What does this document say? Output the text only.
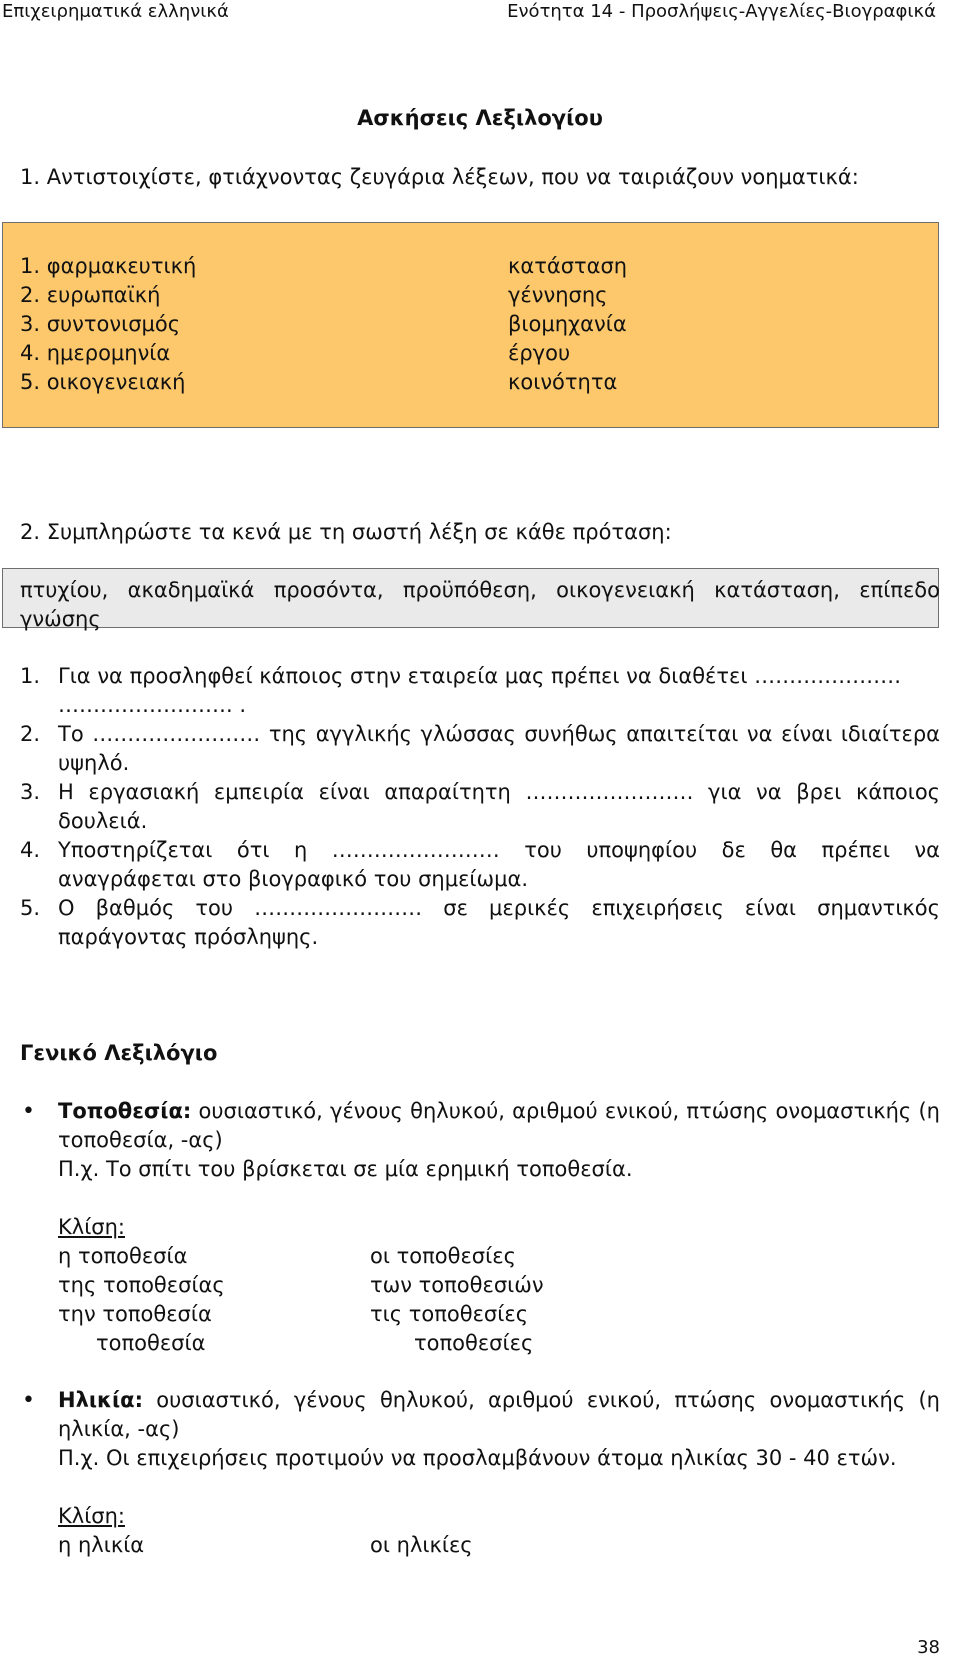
Επιχειρηματικά ελληνικά	Ενότητα 14 - Προσλήψεις-Αγγελίες-Βιογραφικά
Ασκήσεις Λεξιλογίου
1. Αντιστοιχίστε, φτιάχνοντας ζευγάρια λέξεων, που να ταιριάζουν νοηματικά:
1. φαρμακευτική
2. ευρωπαϊκή
3. συντονισμός
4. ημερομηνία
5. οικογενειακή
κατάσταση
γέννησης
βιομηχανία
έργου
κοινότητα
2. Συμπληρώστε τα κενά με τη σωστή λέξη σε κάθε πρόταση:
πτυχίου, ακαδημαϊκά προσόντα, προϋπόθεση, οικογενειακή κατάσταση, επίπεδο
γνώσης
1. Για να προσληφθεί κάποιος στην εταιρεία μας πρέπει να διαθέτει …………………
……………………. .
2. Το …………………… της αγγλικής γλώσσας συνήθως απαιτείται να είναι ιδιαίτερα
υψηλό.
3. Η εργασιακή εμπειρία είναι απαραίτητη …………………… για να βρει κάποιος
δουλειά.
4. Υποστηρίζεται ότι η …………………… του υποψηφίου δε θα πρέπει να
αναγράφεται στο βιογραφικό του σημείωμα.
5. Ο βαθμός του …………………… σε μερικές επιχειρήσεις είναι σημαντικός
παράγοντας πρόσληψης.
Γενικό Λεξιλόγιο
• Τοποθεσία: ουσιαστικό, γένους θηλυκού, αριθμού ενικού, πτώσης ονομαστικής (η
τοποθεσία, -ας)
Π.χ. Το σπίτι του βρίσκεται σε μία ερημική τοποθεσία.
Κλίση:
η τοποθεσία
της τοποθεσίας
την τοποθεσία
τοποθεσία
οι τοποθεσίες
των τοποθεσιών
τις τοποθεσίες
τοποθεσίες
• Ηλικία: ουσιαστικό, γένους θηλυκού, αριθμού ενικού, πτώσης ονομαστικής (η
ηλικία, -ας)
Π.χ. Οι επιχειρήσεις προτιμούν να προσλαμβάνουν άτομα ηλικίας 30 - 40 ετών.
Κλίση:
η ηλικία	οι ηλικίες
38
